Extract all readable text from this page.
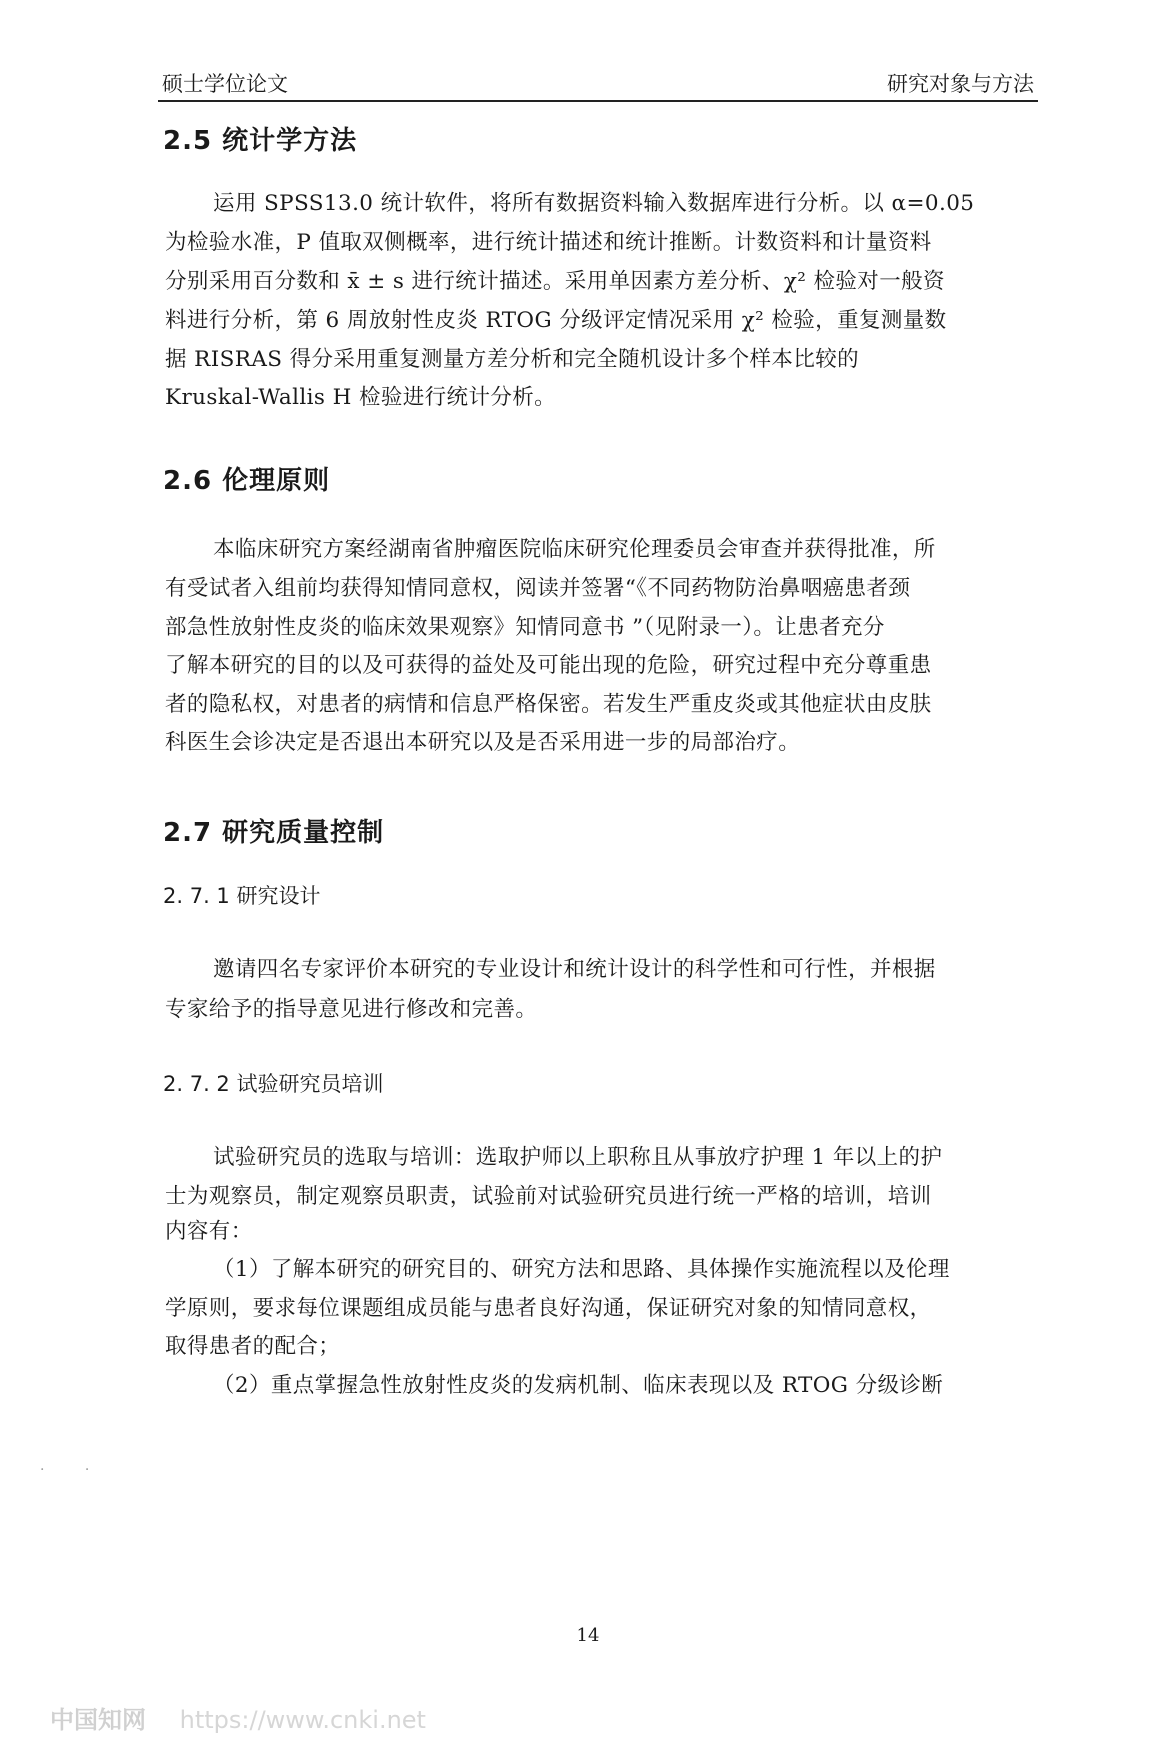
硕士学位论文	研究对象与方法
2.5 统计学方法
运用 SPSS13.0 统计软件，将所有数据资料输入数据库进行分析。以 α=0.05
为检验水准，P 值取双侧概率，进行统计描述和统计推断。计数资料和计量资料
分别采用百分数和 x̄ ± s 进行统计描述。采用单因素方差分析、χ² 检验对一般资
料进行分析，第 6 周放射性皮炎 RTOG 分级评定情况采用 χ² 检验，重复测量数
据 RISRAS 得分采用重复测量方差分析和完全随机设计多个样本比较的
Kruskal-Wallis H 检验进行统计分析。
2.6 伦理原则
本临床研究方案经湖南省肿瘤医院临床研究伦理委员会审查并获得批准，所
有受试者入组前均获得知情同意权，阅读并签署“《不同药物防治鼻咽癌患者颈
部急性放射性皮炎的临床效果观察》知情同意书 ”（见附录一）。让患者充分
了解本研究的目的以及可获得的益处及可能出现的危险，研究过程中充分尊重患
者的隐私权，对患者的病情和信息严格保密。若发生严重皮炎或其他症状由皮肤
科医生会诊决定是否退出本研究以及是否采用进一步的局部治疗。
2.7 研究质量控制
2. 7. 1 研究设计
邀请四名专家评价本研究的专业设计和统计设计的科学性和可行性，并根据
专家给予的指导意见进行修改和完善。
2. 7. 2 试验研究员培训
试验研究员的选取与培训：选取护师以上职称且从事放疗护理 1 年以上的护
士为观察员，制定观察员职责，试验前对试验研究员进行统一严格的培训，培训
内容有：
（1）了解本研究的研究目的、研究方法和思路、具体操作实施流程以及伦理
学原则，要求每位课题组成员能与患者良好沟通，保证研究对象的知情同意权，
取得患者的配合；
（2）重点掌握急性放射性皮炎的发病机制、临床表现以及 RTOG 分级诊断
· ·
14
中国知网 https://www.cnki.net
